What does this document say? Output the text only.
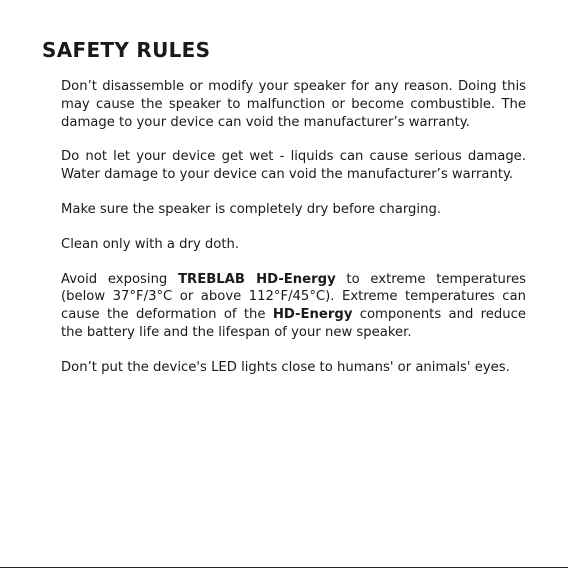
SAFETY RULES

Don’t disassemble or modify your speaker for any reason. Doing this may cause the speaker to malfunction or become combustible. The damage to your device can void the manufacturer’s warranty.

Do not let your device get wet - liquids can cause serious damage. Water damage to your device can void the manufacturer’s warranty.

Make sure the speaker is completely dry before charging.

Clean only with a dry doth.

Avoid exposing TREBLAB HD-Energy to extreme temperatures (below 37°F/3°C or above 112°F/45°C). Extreme temperatures can cause the deformation of the HD-Energy components and reduce the battery life and the lifespan of your new speaker.

Don’t put the device's LED lights close to humans' or animals' eyes.
